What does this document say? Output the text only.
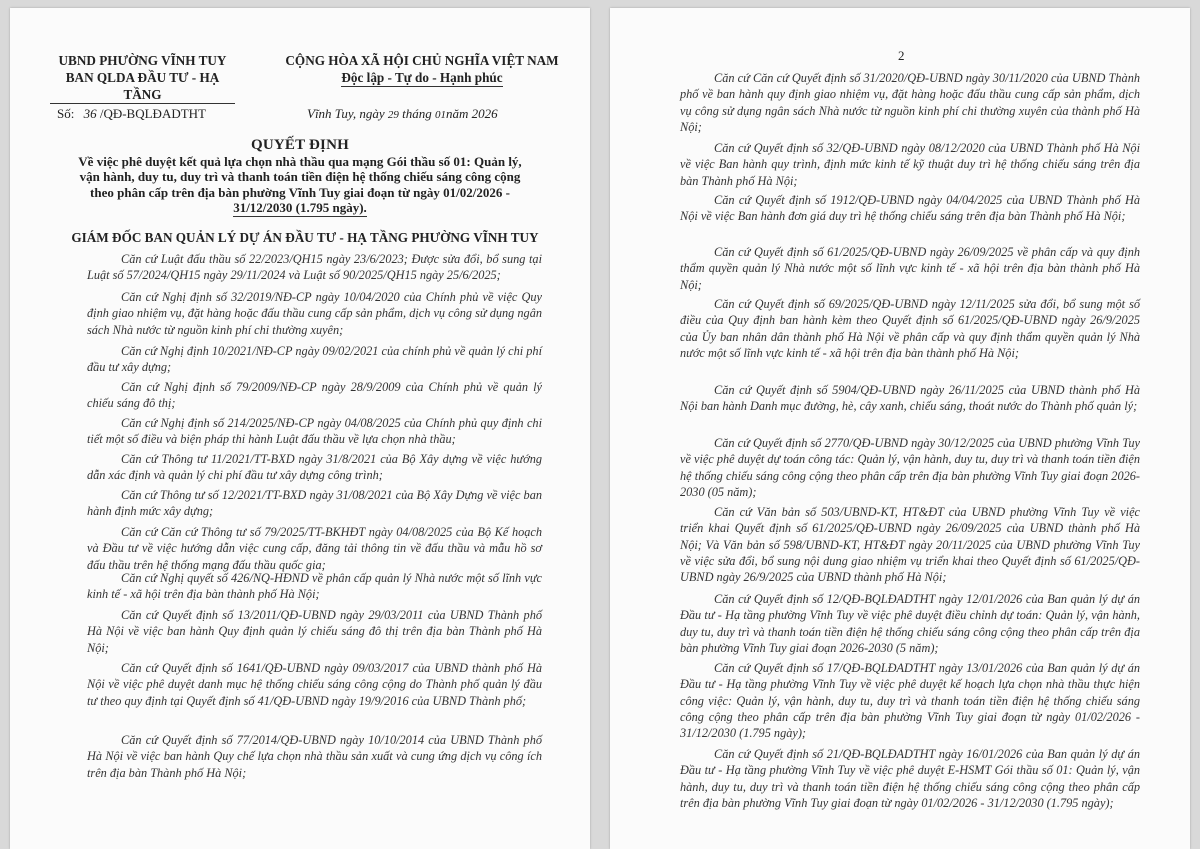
UBND PHƯỜNG VĨNH TUY
BAN QLDA ĐẦU TƯ - HẠ TẦNG
CỘNG HÒA XÃ HỘI CHỦ NGHĨA VIỆT NAM
Độc lập - Tự do - Hạnh phúc
Số: 36 /QĐ-BQLĐADTHT	Vĩnh Tuy, ngày 29 tháng 01năm 2026
QUYẾT ĐỊNH
Về việc phê duyệt kết quả lựa chọn nhà thầu qua mạng Gói thầu số 01: Quản lý,
vận hành, duy tu, duy trì và thanh toán tiền điện hệ thống chiếu sáng công cộng
theo phân cấp trên địa bàn phường Vĩnh Tuy giai đoạn từ ngày 01/02/2026 -
31/12/2030 (1.795 ngày).
GIÁM ĐỐC BAN QUẢN LÝ DỰ ÁN ĐẦU TƯ - HẠ TẦNG PHƯỜNG VĨNH TUY
Căn cứ Luật đấu thầu số 22/2023/QH15 ngày 23/6/2023; Được sửa đổi, bổ sung tại Luật số 57/2024/QH15 ngày 29/11/2024 và Luật số 90/2025/QH15 ngày 25/6/2025;
Căn cứ Nghị định số 32/2019/NĐ-CP ngày 10/04/2020 của Chính phủ về việc Quy định giao nhiệm vụ, đặt hàng hoặc đấu thầu cung cấp sản phẩm, dịch vụ công sử dụng ngân sách Nhà nước từ nguồn kinh phí chi thường xuyên;
Căn cứ Nghị định 10/2021/NĐ-CP ngày 09/02/2021 của chính phủ về quản lý chi phí đầu tư xây dựng;
Căn cứ Nghị định số 79/2009/NĐ-CP ngày 28/9/2009 của Chính phủ về quản lý chiếu sáng đô thị;
Căn cứ Nghị định số 214/2025/NĐ-CP ngày 04/08/2025 của Chính phủ quy định chi tiết một số điều và biện pháp thi hành Luật đấu thầu về lựa chọn nhà thầu;
Căn cứ Thông tư 11/2021/TT-BXD ngày 31/8/2021 của Bộ Xây dựng về việc hướng dẫn xác định và quản lý chi phí đầu tư xây dựng công trình;
Căn cứ Thông tư số 12/2021/TT-BXD ngày 31/08/2021 của Bộ Xây Dựng về việc ban hành định mức xây dựng;
Căn cứ Căn cứ Thông tư số 79/2025/TT-BKHĐT ngày 04/08/2025 của Bộ Kế hoạch và Đầu tư về việc hướng dẫn việc cung cấp, đăng tải thông tin về đấu thầu và mẫu hồ sơ đấu thầu trên hệ thống mạng đấu thầu quốc gia;
Căn cứ Nghị quyết số 426/NQ-HĐND về phân cấp quản lý Nhà nước một số lĩnh vực kinh tế - xã hội trên địa bàn thành phố Hà Nội;
Căn cứ Quyết định số 13/2011/QĐ-UBND ngày 29/03/2011 của UBND Thành phố Hà Nội về việc ban hành Quy định quản lý chiếu sáng đô thị trên địa bàn Thành phố Hà Nội;
Căn cứ Quyết định số 1641/QĐ-UBND ngày 09/03/2017 của UBND thành phố Hà Nội về việc phê duyệt danh mục hệ thống chiếu sáng công cộng do Thành phố quản lý đầu tư theo quy định tại Quyết định số 41/QĐ-UBND ngày 19/9/2016 của UBND Thành phố;
Căn cứ Quyết định số 77/2014/QĐ-UBND ngày 10/10/2014 của UBND Thành phố Hà Nội về việc ban hành Quy chế lựa chọn nhà thầu sản xuất và cung ứng dịch vụ công ích trên địa bàn Thành phố Hà Nội;
2
Căn cứ Căn cứ Quyết định số 31/2020/QĐ-UBND ngày 30/11/2020 của UBND Thành phố về ban hành quy định giao nhiệm vụ, đặt hàng hoặc đấu thầu cung cấp sản phẩm, dịch vụ công sử dụng ngân sách Nhà nước từ nguồn kinh phí chi thường xuyên của thành phố Hà Nội;
Căn cứ Quyết định số 32/QĐ-UBND ngày 08/12/2020 của UBND Thành phố Hà Nội về việc Ban hành quy trình, định mức kinh tế kỹ thuật duy trì hệ thống chiếu sáng trên địa bàn Thành phố Hà Nội;
Căn cứ Quyết định số 1912/QĐ-UBND ngày 04/04/2025 của UBND Thành phố Hà Nội về việc Ban hành đơn giá duy trì hệ thống chiếu sáng trên địa bàn Thành phố Hà Nội;
Căn cứ Quyết định số 61/2025/QĐ-UBND ngày 26/09/2025 về phân cấp và quy định thẩm quyền quản lý Nhà nước một số lĩnh vực kinh tế - xã hội trên địa bàn thành phố Hà Nội;
Căn cứ Quyết định số 69/2025/QĐ-UBND ngày 12/11/2025 sửa đổi, bổ sung một số điều của Quy định ban hành kèm theo Quyết định số 61/2025/QĐ-UBND ngày 26/9/2025 của Ủy ban nhân dân thành phố Hà Nội về phân cấp và quy định thẩm quyền quản lý Nhà nước một số lĩnh vực kinh tế - xã hội trên địa bàn thành phố Hà Nội;
Căn cứ Quyết định số 5904/QĐ-UBND ngày 26/11/2025 của UBND thành phố Hà Nội ban hành Danh mục đường, hè, cây xanh, chiếu sáng, thoát nước do Thành phố quản lý;
Căn cứ Quyết định số 2770/QĐ-UBND ngày 30/12/2025 của UBND phường Vĩnh Tuy về việc phê duyệt dự toán công tác: Quản lý, vận hành, duy tu, duy trì và thanh toán tiền điện hệ thống chiếu sáng công cộng theo phân cấp trên địa bàn phường Vĩnh Tuy giai đoạn 2026-2030 (05 năm);
Căn cứ Văn bản số 503/UBND-KT, HT&ĐT của UBND phường Vĩnh Tuy về việc triển khai Quyết định số 61/2025/QĐ-UBND ngày 26/09/2025 của UBND thành phố Hà Nội; Và Văn bản số 598/UBND-KT, HT&ĐT ngày 20/11/2025 của UBND phường Vĩnh Tuy về việc sửa đổi, bổ sung nội dung giao nhiệm vụ triển khai theo Quyết định số 61/2025/QĐ-UBND ngày 26/9/2025 của UBND thành phố Hà Nội;
Căn cứ Quyết định số 12/QĐ-BQLĐADTHT ngày 12/01/2026 của Ban quản lý dự án Đầu tư - Hạ tầng phường Vĩnh Tuy về việc phê duyệt điều chỉnh dự toán: Quản lý, vận hành, duy tu, duy trì và thanh toán tiền điện hệ thống chiếu sáng công cộng theo phân cấp trên địa bàn phường Vĩnh Tuy giai đoạn 2026-2030 (5 năm);
Căn cứ Quyết định số 17/QĐ-BQLĐADTHT ngày 13/01/2026 của Ban quản lý dự án Đầu tư - Hạ tầng phường Vĩnh Tuy về việc phê duyệt kế hoạch lựa chọn nhà thầu thực hiện công việc: Quản lý, vận hành, duy tu, duy trì và thanh toán tiền điện hệ thống chiếu sáng công cộng theo phân cấp trên địa bàn phường Vĩnh Tuy giai đoạn từ ngày 01/02/2026 - 31/12/2030 (1.795 ngày);
Căn cứ Quyết định số 21/QĐ-BQLĐADTHT ngày 16/01/2026 của Ban quản lý dự án Đầu tư - Hạ tầng phường Vĩnh Tuy về việc phê duyệt E-HSMT Gói thầu số 01: Quản lý, vận hành, duy tu, duy trì và thanh toán tiền điện hệ thống chiếu sáng công cộng theo phân cấp trên địa bàn phường Vĩnh Tuy giai đoạn từ ngày 01/02/2026 - 31/12/2030 (1.795 ngày);
